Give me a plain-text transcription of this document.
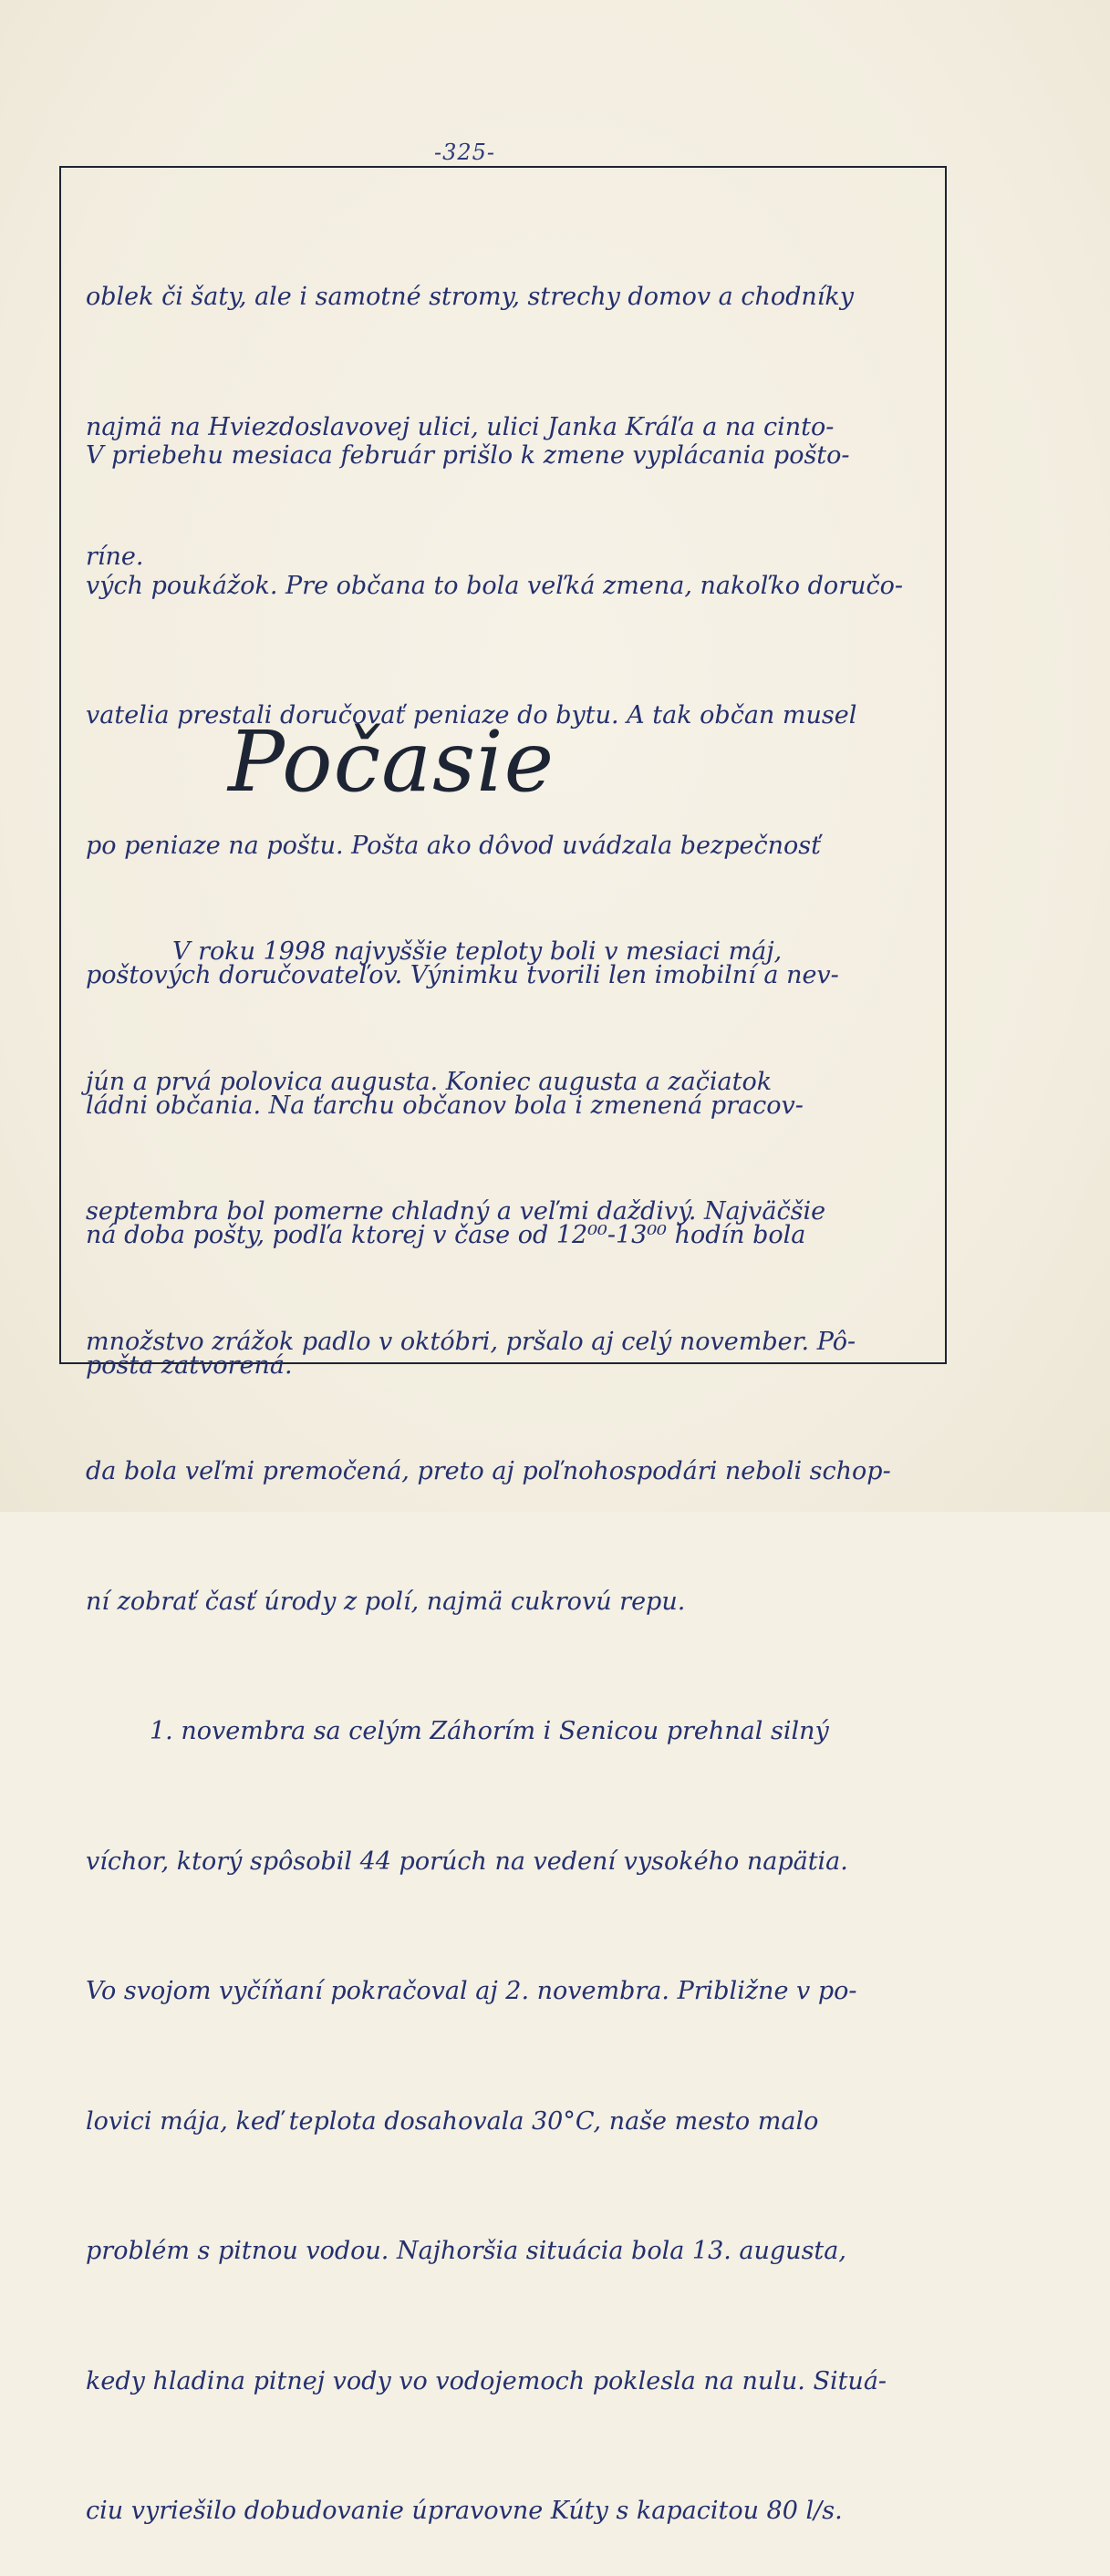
-325-

oblek či šaty, ale i samotné stromy, strechy domov a chodníky

najmä na Hviezdoslavovej ulici, ulici Janka Kráľa a na cinto-

ríne.

V priebehu mesiaca február prišlo k zmene vyplácania pošto-

vých poukážok. Pre občana to bola veľká zmena, nakoľko doručo-

vatelia prestali doručovať peniaze do bytu. A tak občan musel

po peniaze na poštu. Pošta ako dôvod uvádzala bezpečnosť

poštových doručovateľov. Výnimku tvorili len imobilní a nev-

ládni občania. Na ťarchu občanov bola i zmenená pracov-

ná doba pošty, podľa ktorej v čase od 12⁰⁰-13⁰⁰ hodín bola

pošta zatvorená.

Počasie

V roku 1998 najvyššie teploty boli v mesiaci máj,

jún a prvá polovica augusta. Koniec augusta a začiatok

septembra bol pomerne chladný a veľmi daždivý. Najväčšie

množstvo zrážok padlo v októbri, pršalo aj celý november. Pô-

da bola veľmi premočená, preto aj poľnohospodári neboli schop-

ní zobrať časť úrody z polí, najmä cukrovú repu.

1. novembra sa celým Záhorím i Senicou prehnal silný

víchor, ktorý spôsobil 44 porúch na vedení vysokého napätia.

Vo svojom vyčíňaní pokračoval aj 2. novembra. Približne v po-

lovici mája, keď teplota dosahovala 30°C, naše mesto malo

problém s pitnou vodou. Najhoršia situácia bola 13. augusta,

kedy hladina pitnej vody vo vodojemoch poklesla na nulu. Situá-

ciu vyriešilo dobudovanie úpravovne Kúty s kapacitou 80 l/s.
